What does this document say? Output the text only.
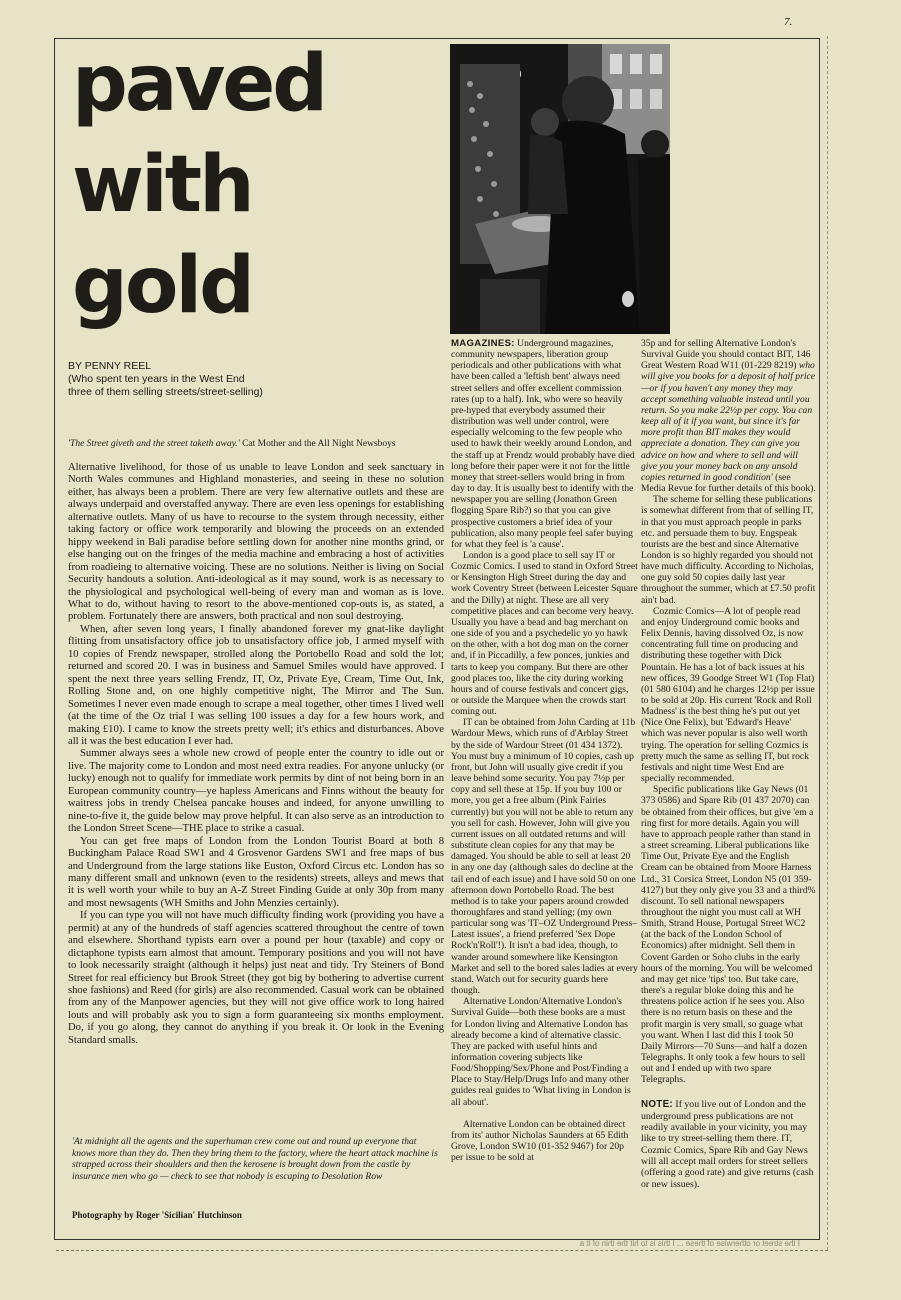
7.
paved
with
gold
BY PENNY REEL
(Who spent ten years in the West End
three of them selling streets/street-selling)
'The Street giveth and the street taketh away.' Cat Mother and the All Night Newsboys

Alternative livelihood, for those of us unable to leave London and seek sanctuary in North Wales communes and Highland monasteries, and seeing in these no solution either, has always been a problem. There are very few alternative outlets and these are always underpaid and overstaffed anyway. There are even less openings for establishing alternative outlets. Many of us have to recourse to the system through necessity, either taking factory or office work temporarily and blowing the proceeds on an extended hippy weekend in Bali paradise before settling down for another nine months grind, or else hanging out on the fringes of the media machine and embracing a host of activities from roadieing to alternative voicing. These are no solutions. Neither is living on Social Security handouts a solution. Anti-ideological as it may sound, work is as necessary to the physiological and psychological well-being of every man and woman as is love. What to do, without having to resort to the above-mentioned cop-outs is, as stated, a problem. Fortunately there are answers, both practical and non soul destroying.

When, after seven long years, I finally abandoned forever my gnat-like daylight flitting from unsatisfactory office job to unsatisfactory office job, I armed myself with 10 copies of Frendz newspaper, strolled along the Portobello Road and sold the lot; returned and scored 20. I was in business and Samuel Smiles would have approved. I spent the next three years selling Frendz, IT, Oz, Private Eye, Cream, Time Out, Ink, Rolling Stone and, on one highly competitive night, The Mirror and The Sun. Sometimes I never even made enough to scrape a meal together, other times I lived well (at the time of the Oz trial I was selling 100 issues a day for a few hours work, and making £10). I came to know the streets pretty well; it's ethics and disturbances. Above all it was the best education I ever had.

Summer always sees a whole new crowd of people enter the country to idle out or live. The majority come to London and most need extra readies. For anyone unlucky (or lucky) enough not to qualify for immediate work permits by dint of not being born in an European community country—ye hapless Americans and Finns without the beauty for waitress jobs in trendy Chelsea pancake houses and indeed, for anyone unwilling to nine-to-five it, the guide below may prove helpful. It can also serve as an introduction to the London Street Scene—THE place to strike a casual.

You can get free maps of London from the London Tourist Board at both 8 Buckingham Palace Road SW1 and 4 Grosvenor Gardens SW1 and free maps of bus and Underground from the large stations like Euston, Oxford Circus etc. London has so many different small and unknown (even to the residents) streets, alleys and mews that it is well worth your while to buy an A-Z Street Finding Guide at only 30p from many and most newsagents (WH Smiths and John Menzies certainly).

If you can type you will not have much difficulty finding work (providing you have a permit) at any of the hundreds of staff agencies scattered throughout the centre of town and elsewhere. Shorthand typists earn over a pound per hour (taxable) and copy or dictaphone typists earn almost that amount. Temporary positions and you will not have to look necessarily straight (although it helps) just neat and tidy. Try Steiners of Bond Street for real efficiency but Brook Street (they got big by bothering to advertise current shoe fashions) and Reed (for girls) are also recommended. Casual work can be obtained from any of the Manpower agencies, but they will not give office work to long haired louts and will probably ask you to sign a form guaranteeing six months employment. Do, if you go along, they cannot do anything if you break it. Or look in the Evening Standard smalls.

'At midnight all the agents and the superhuman crew come out and round up everyone that knows more than they do. Then they bring them to the factory, where the heart attack machine is strapped across their shoulders and then the kerosene is brought down from the castle by insurance men who go — check to see that nobody is escaping to Desolation Row
Photography by Roger 'Sicilian' Hutchinson

MAGAZINES: Underground magazines, community newspapers, liberation group periodicals and other publications with what have been called a 'leftish bent' always need street sellers and offer excellent commission rates (up to a half). Ink, who were so heavily pre-hyped that everybody assumed their distribution was well under control, were especially welcoming to the few people who used to hawk their weekly around London, and the staff up at Frendz would probably have died long before their paper were it not for the little money that street-sellers would bring in from day to day. It is usually best to identify with the newspaper you are selling (Jonathon Green flogging Spare Rib?) so that you can give prospective customers a brief idea of your publication, also many people feel safer buying for what they feel is 'a cause'.

London is a good place to sell say IT or Cozmic Comics. I used to stand in Oxford Street or Kensington High Street during the day and work Coventry Street (between Leicester Square and the Dilly) at night. These are all very competitive places and can become very heavy. Usually you have a bead and bag merchant on one side of you and a psychedelic yo yo hawk on the other, with a hot dog man on the corner and, if in Piccadilly, a few ponces, junkies and tarts to keep you company. But there are other good places too, like the city during working hours and of course festivals and concert gigs, or outside the Marquee when the crowds start coming out.

IT can be obtained from John Carding at 11b Wardour Mews, which runs of d'Arblay Street by the side of Wardour Street (01 434 1372). You must buy a minimum of 10 copies, cash up front, but John will usually give credit if you leave behind some security. You pay 7½p per copy and sell these at 15p. If you buy 100 or more, you get a free album (Pink Fairies currently) but you will not be able to return any you sell for cash. However, John will give you current issues on all outdated returns and will substitute clean copies for any that may be damaged. You should be able to sell at least 20 in any one day (although sales do decline at the tail end of each issue) and I have sold 50 on one afternoon down Portobello Road. The best method is to take your papers around crowded thoroughfares and stand yelling; (my own particular song was 'IT–OZ Underground Press–Latest issues', a friend preferred 'Sex Dope Rock'n'Roll'!). It isn't a bad idea, though, to wander around somewhere like Kensington Market and sell to the bored sales ladies at every stand. Watch out for security guards here though.

Alternative London/Alternative London's Survival Guide—both these books are a must for London living and Alternative London has already become a kind of alternative classic. They are packed with useful hints and information covering subjects like Food/Shopping/Sex/Phone and Post/Finding a Place to Stay/Help/Drugs Info and many other guides real guides to 'What living in London is all about'.

Alternative London can be obtained direct from its' author Nicholas Saunders at 65 Edith Grove, London SW10 (01-352 9467) for 20p per issue to be sold at

35p and for selling Alternative London's Survival Guide you should contact BIT, 146 Great Western Road W11 (01-229 8219) who will give you books for a deposit of half price—or if you haven't any money they may accept something valuable instead until you return. So you make 22½p per copy. You can keep all of it if you want, but since it's far more profit than BIT makes they would appreciate a donation. They can give you advice on how and where to sell and will give you your money back on any unsold copies returned in good condition' (see Media Revue for further details of this book).

The scheme for selling these publications is somewhat different from that of selling IT, in that you must approach people in parks etc. and persuade them to buy. Engspeak tourists are the best and since Alternative London is so highly regarded you should not have much difficulty. According to Nicholas, one guy sold 50 copies daily last year throughout the summer, which at £7.50 profit ain't bad.

Cozmic Comics—A lot of people read and enjoy Underground comic books and Felix Dennis, having dissolved Oz, is now concentrating full time on producing and distributing these together with Dick Pountain. He has a lot of back issues at his new offices, 39 Goodge Street W1 (Top Flat) (01 580 6104) and he charges 12½p per issue to be sold at 20p. His current 'Rock and Roll Madness' is the best thing he's put out yet (Nice One Felix), but 'Edward's Heave' which was never popular is also well worth trying. The operation for selling Cozmics is pretty much the same as selling IT, but rock festivals and night time West End are specially recommended.

Specific publications like Gay News (01 373 0586) and Spare Rib (01 437 2070) can be obtained from their offices, but give 'em a ring first for more details. Again you will have to approach people rather than stand in a street screaming. Liberal publications like Time Out, Private Eye and the English Cream can be obtained from Moore Harness Ltd., 31 Corsica Street, London N5 (01 359-4127) but they only give you 33 and a third% discount. To sell national newspapers throughout the night you must call at WH Smith, Strand House, Portugal Street WC2 (at the back of the London School of Economics) after midnight. Sell them in Covent Garden or Soho clubs in the early hours of the morning. You will be welcomed and may get nice 'tips' too. But take care, there's a regular bloke doing this and he threatens police action if he sees you. Also there is no return basis on these and the profit margin is very small, so guage what you want. When I last did this I took 50 Daily Mirrors—70 Suns—and half a dozen Telegraphs. It only took a few hours to sell out and I ended up with two spare Telegraphs.

NOTE: If you live out of London and the underground press publications are not readily available in your vicinity, you may like to try street-selling them there. IT, Cozmic Comics, Spare Rib and Gay News will all accept mail orders for street sellers (offering a good rate) and give returns (cash or new issues).

I the street or otherwise of these ... I this is to hit the thin of it a
